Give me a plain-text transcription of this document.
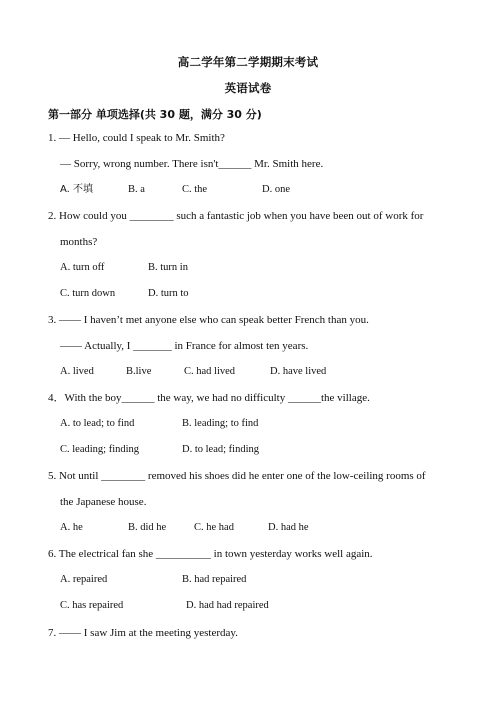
高二学年第二学期期末考试
英语试卷
第一部分 单项选择(共 30 题，满分 30 分)
1. — Hello, could I speak to Mr. Smith?
— Sorry, wrong number. There isn't______ Mr. Smith here.
A. 不填	B. a	C. the	D. one
2. How could you ________ such a fantastic job when you have been out of work for
months?
A. turn off	B. turn in
C. turn down	D. turn to
3. —— I haven’t met anyone else who can speak better French than you.
—— Actually, I _______ in France for almost ten years.
A. lived	B.live	C. had lived	D. have lived
4．With the boy______ the way, we had no difficulty ______the village.
A. to lead; to find	B. leading; to find
C. leading; finding	D. to lead; finding
5. Not until ________ removed his shoes did he enter one of the low-ceiling rooms of
the Japanese house.
A. he	B. did he	C. he had	D. had he
6. The electrical fan she __________ in town yesterday works well again.
A. repaired	B. had repaired
C. has repaired	D. had had repaired
7. —— I saw Jim at the meeting yesterday.
